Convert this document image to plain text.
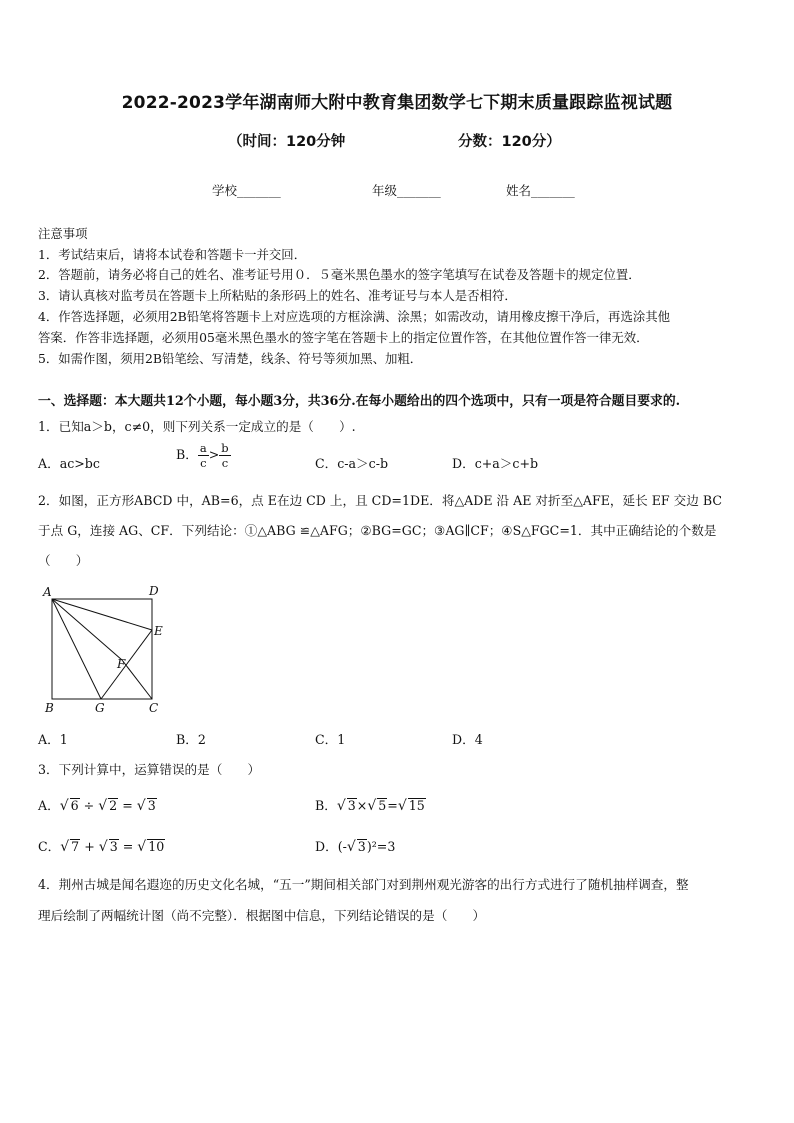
2022-2023学年湖南师大附中教育集团数学七下期末质量跟踪监视试题
（时间：120分钟	分数：120分）
学校_______	年级_______	姓名_______
注意事项
1．考试结束后，请将本试卷和答题卡一并交回．
2．答题前，请务必将自己的姓名、准考证号用０．５毫米黑色墨水的签字笔填写在试卷及答题卡的规定位置．
3．请认真核对监考员在答题卡上所粘贴的条形码上的姓名、准考证号与本人是否相符．
4．作答选择题，必须用2B铅笔将答题卡上对应选项的方框涂满、涂黑；如需改动，请用橡皮擦干净后，再选涂其他
答案．作答非选择题，必须用05毫米黑色墨水的签字笔在答题卡上的指定位置作答，在其他位置作答一律无效．
5．如需作图，须用2B铅笔绘、写清楚，线条、符号等须加黑、加粗．
一、选择题：本大题共12个小题，每小题3分，共36分.在每小题给出的四个选项中，只有一项是符合题目要求的.
1．已知a＞b，c≠0，则下列关系一定成立的是（　　）.
A．ac>bc
B． $\frac{a}{c} > \frac{b}{c}$	C．c-a＞c-b	D．c+a＞c+b
2．如图，正方形ABCD 中，AB=6，点 E在边 CD 上，且 CD=1DE．将△ADE 沿 AE 对折至△AFE，延长 EF 交边 BC
于点 G，连接 AG、CF．下列结论：①△ABG ≌△AFG；②BG=GC；③AG∥CF；④S△FGC=1．其中正确结论的个数是
（　　）
A	D
E
F
B	G	C
A．1	B．2	C．1	D．4
3．下列计算中，运算错误的是（　　）
A．√ 6 ÷ √ 2 = √ 3	B．√ 3×√ 5=√ 15
C．√ 7 + √ 3 = √ 10	D．(-√ 3)²=3
4．荆州古城是闻名遐迩的历史文化名城，“五一”期间相关部门对到荆州观光游客的出行方式进行了随机抽样调查，整
理后绘制了两幅统计图（尚不完整）．根据图中信息，下列结论错误的是（　　）
